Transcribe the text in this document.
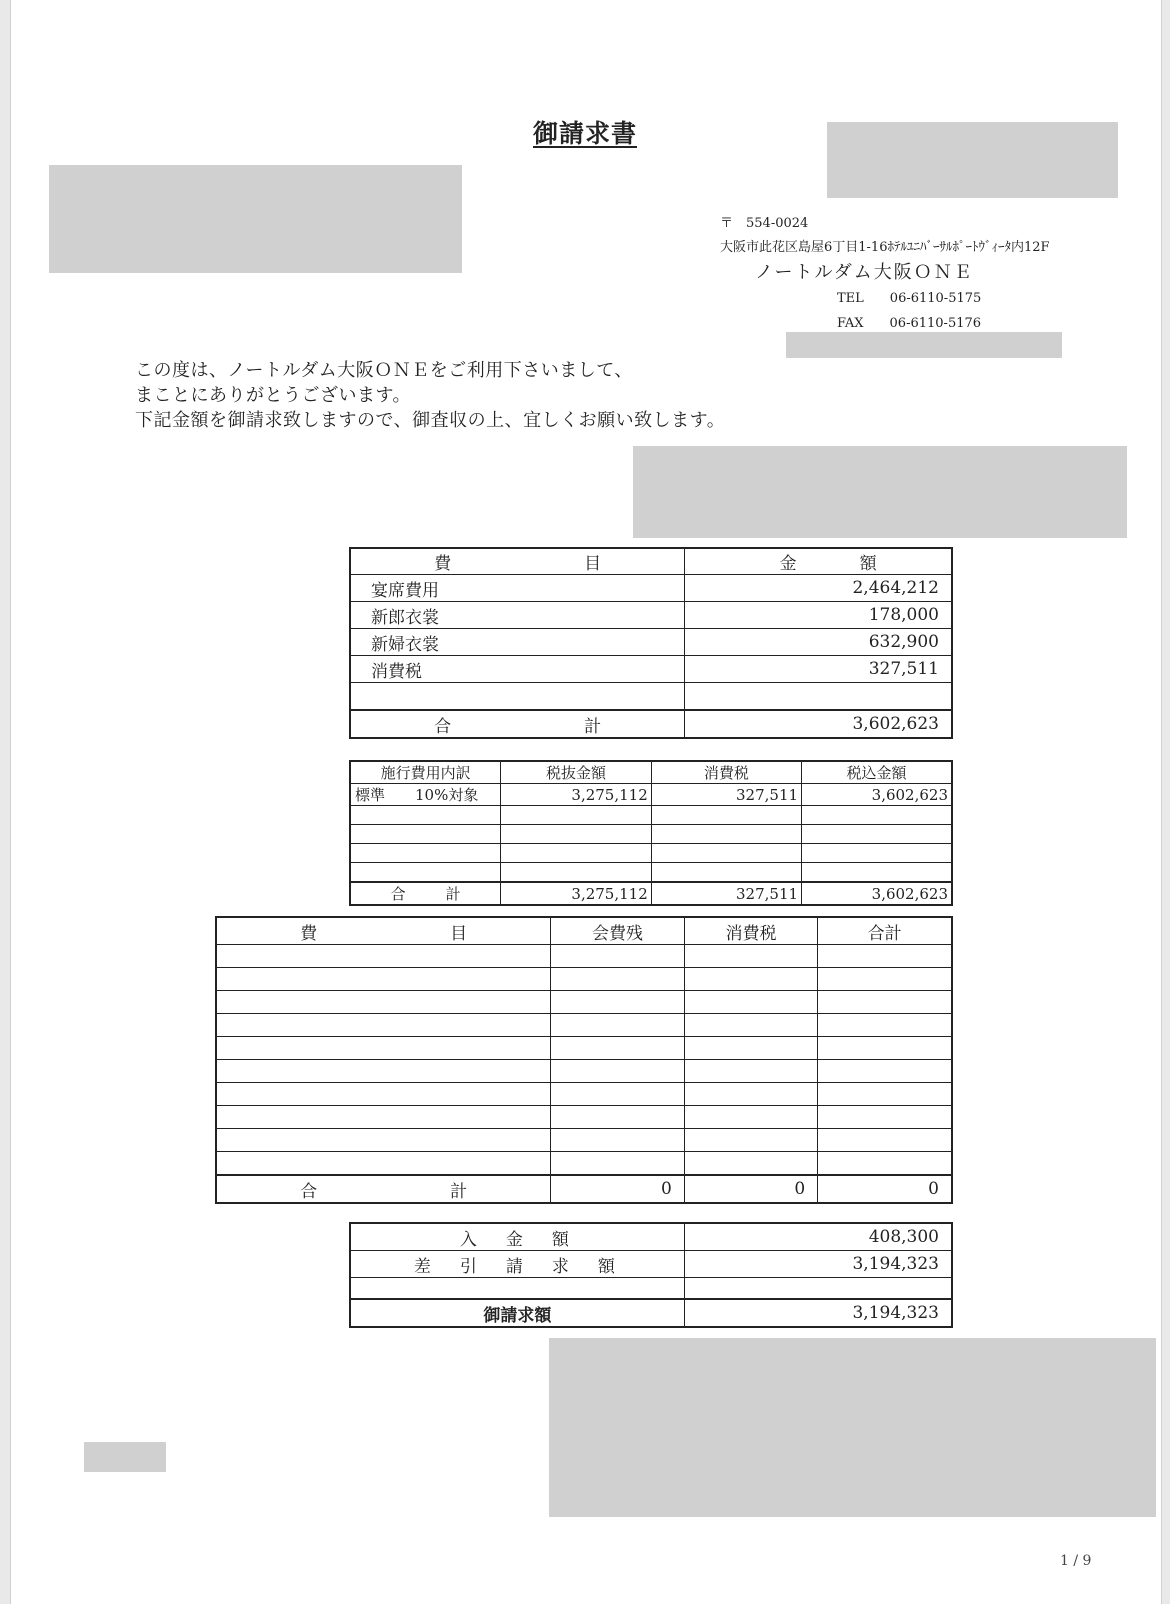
御請求書
〒　554-0024
大阪市此花区島屋6丁目1-16ﾎﾃﾙﾕﾆﾊﾞｰｻﾙﾎﾟｰﾄｳﾞｨｰﾀ内12F
ノートルダム大阪ＯＮＥ
TEL　　06-6110-5175
FAX　　06-6110-5176
この度は、ノートルダム大阪ＯＮＥをご利用下さいまして、
まことにありがとうございます。
下記金額を御請求致しますので、御査収の上、宜しくお願い致します。
費 目	金 額
宴席費用	2,464,212
新郎衣裳	178,000
新婦衣裳	632,900
消費税	327,511

合 計	3,602,623
施行費用内訳	税抜金額	消費税	税込金額
標準 10%対象	3,275,112	327,511	3,602,623

合 計	3,275,112	327,511	3,602,623
費 目	会費残	消費税	合計

合 計	0	0	0
入　金　額	408,300
差　引　請　求　額	3,194,323

御請求額	3,194,323
1 / 9
